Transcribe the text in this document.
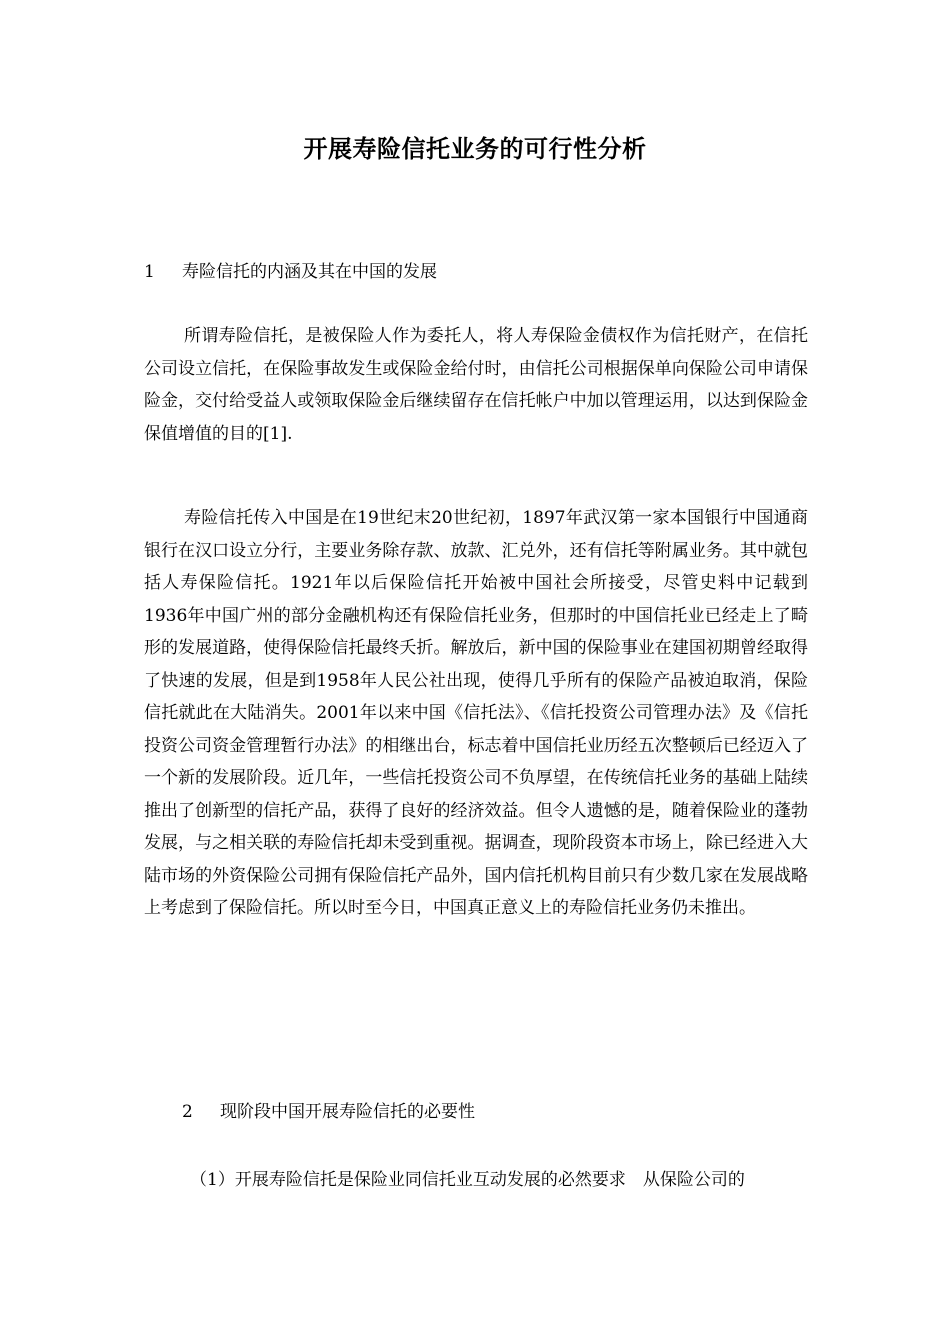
开展寿险信托业务的可行性分析
1 寿险信托的内涵及其在中国的发展

所谓寿险信托，是被保险人作为委托人，将人寿保险金债权作为信托财产，在信托公司设立信托，在保险事故发生或保险金给付时，由信托公司根据保单向保险公司申请保险金，交付给受益人或领取保险金后继续留存在信托帐户中加以管理运用，以达到保险金保值增值的目的[1].

寿险信托传入中国是在19世纪末20世纪初，1897年武汉第一家本国银行中国通商银行在汉口设立分行，主要业务除存款、放款、汇兑外，还有信托等附属业务。其中就包括人寿保险信托。1921年以后保险信托开始被中国社会所接受，尽管史料中记载到1936年中国广州的部分金融机构还有保险信托业务，但那时的中国信托业已经走上了畸形的发展道路，使得保险信托最终夭折。解放后，新中国的保险事业在建国初期曾经取得了快速的发展，但是到1958年人民公社出现，使得几乎所有的保险产品被迫取消，保险信托就此在大陆消失。2001年以来中国《信托法》、《信托投资公司管理办法》及《信托投资公司资金管理暂行办法》的相继出台，标志着中国信托业历经五次整顿后已经迈入了一个新的发展阶段。近几年，一些信托投资公司不负厚望，在传统信托业务的基础上陆续推出了创新型的信托产品，获得了良好的经济效益。但令人遗憾的是，随着保险业的蓬勃发展，与之相关联的寿险信托却未受到重视。据调查，现阶段资本市场上，除已经进入大陆市场的外资保险公司拥有保险信托产品外，国内信托机构目前只有少数几家在发展战略上考虑到了保险信托。所以时至今日，中国真正意义上的寿险信托业务仍未推出。

2 现阶段中国开展寿险信托的必要性

（1）开展寿险信托是保险业同信托业互动发展的必然要求　从保险公司的
